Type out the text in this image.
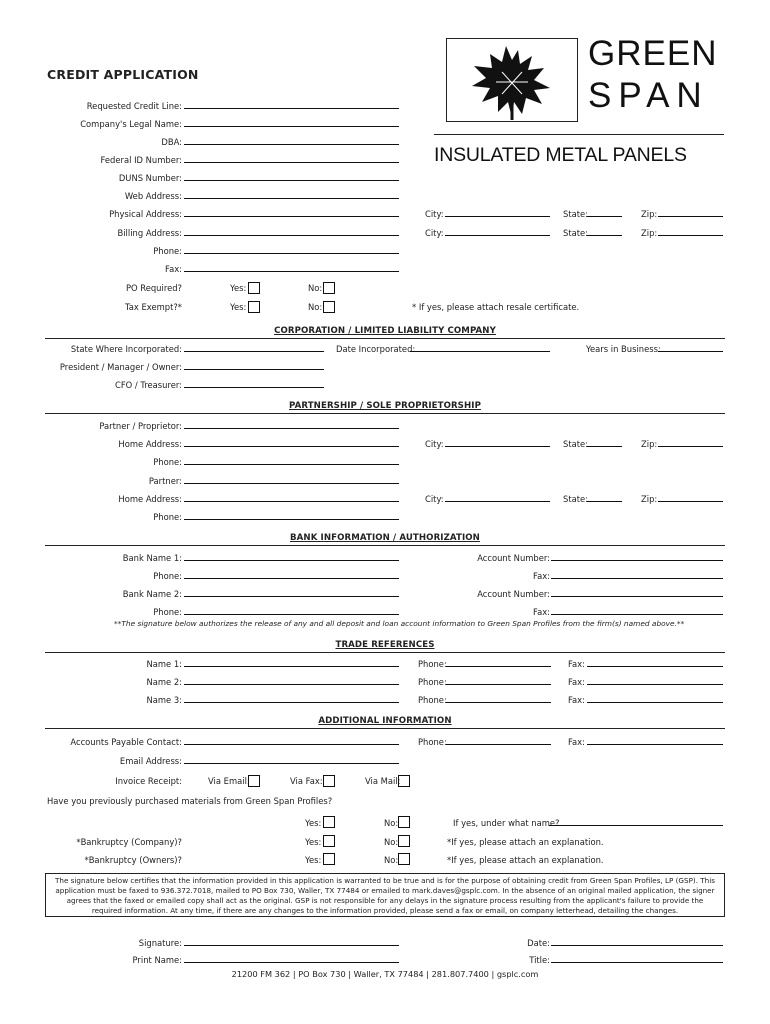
CREDIT APPLICATION
GREEN
SPAN
INSULATED METAL PANELS
Requested Credit Line:
Company's Legal Name:
DBA:
Federal ID Number:
DUNS Number:
Web Address:
Physical Address:	City:	State:	Zip:
Billing Address:	City:	State:	Zip:
Phone:
Fax:
PO Required?	Yes:	No:
Tax Exempt?*	Yes:	No:	* If yes, please attach resale certificate.
CORPORATION / LIMITED LIABILITY COMPANY
State Where Incorporated:	Date Incorporated:	Years in Business:
President / Manager / Owner:
CFO / Treasurer:
PARTNERSHIP / SOLE PROPRIETORSHIP
Partner / Proprietor:
Home Address:	City:	State:	Zip:
Phone:
Partner:
Home Address:	City:	State:	Zip:
Phone:
BANK INFORMATION / AUTHORIZATION
Bank Name 1:	Account Number:
Phone:	Fax:
Bank Name 2:	Account Number:
Phone:	Fax:
**The signature below authorizes the release of any and all deposit and loan account information to Green Span Profiles from the firm(s) named above.**
TRADE REFERENCES
Name 1:	Phone:	Fax:
Name 2:	Phone:	Fax:
Name 3:	Phone:	Fax:
ADDITIONAL INFORMATION
Accounts Payable Contact:	Phone:	Fax:
Email Address:
Invoice Receipt:	Via Email:	Via Fax:	Via Mail:
Have you previously purchased materials from Green Span Profiles?
Yes:	No:	If yes, under what name?
*Bankruptcy (Company)?	Yes:	No:	*If yes, please attach an explanation.
*Bankruptcy (Owners)?	Yes:	No:	*If yes, please attach an explanation.
The signature below certifies that the information provided in this application is warranted to be true and is for the purpose of obtaining credit from Green Span Profiles, LP (GSP). This application must be faxed to 936.372.7018, mailed to PO Box 730, Waller, TX 77484 or emailed to mark.daves@gsplc.com. In the absence of an original mailed application, the signer agrees that the faxed or emailed copy shall act as the original. GSP is not responsible for any delays in the signature process resulting from the applicant's failure to provide the required information. At any time, if there are any changes to the information provided, please send a fax or email, on company letterhead, detailing the changes.
Signature:	Date:
Print Name:	Title:
21200 FM 362 | PO Box 730 | Waller, TX 77484 | 281.807.7400 | gsplc.com
